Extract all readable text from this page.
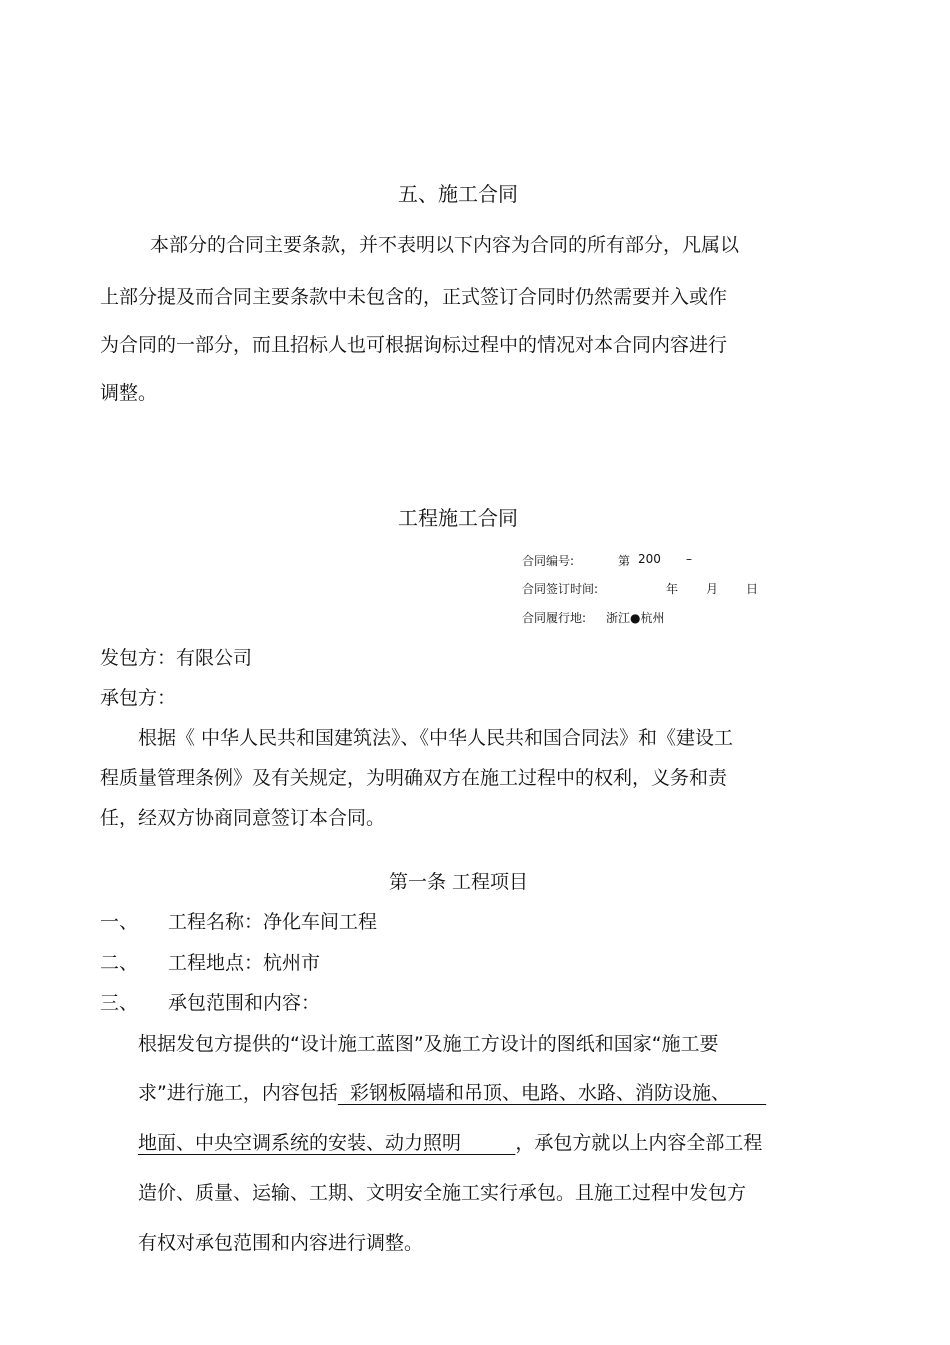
五、施工合同
本部分的合同主要条款，并不表明以下内容为合同的所有部分，凡属以
上部分提及而合同主要条款中未包含的，正式签订合同时仍然需要并入或作
为合同的一部分，而且招标人也可根据询标过程中的情况对本合同内容进行
调整。
工程施工合同
合同编号:	第 200 –
合同签订时间:	年 月 日
合同履行地: 浙江●杭州
发包方：有限公司
承包方：
根据《 中华人民共和国建筑法》、《中华人民共和国合同法》和《建设工
程质量管理条例》及有关规定，为明确双方在施工过程中的权利，义务和责
任，经双方协商同意签订本合同。
第一条 工程项目
一、 工程名称：净化车间工程
二、 工程地点：杭州市
三、 承包范围和内容：
根据发包方提供的“设计施工蓝图”及施工方设计的图纸和国家“施工要
求”进行施工，内容包括  彩钢板隔墙和吊顶、电路、水路、消防设施、
地面、中央空调系统的安装、动力照明         ，承包方就以上内容全部工程
造价、质量、运输、工期、文明安全施工实行承包。且施工过程中发包方
有权对承包范围和内容进行调整。
